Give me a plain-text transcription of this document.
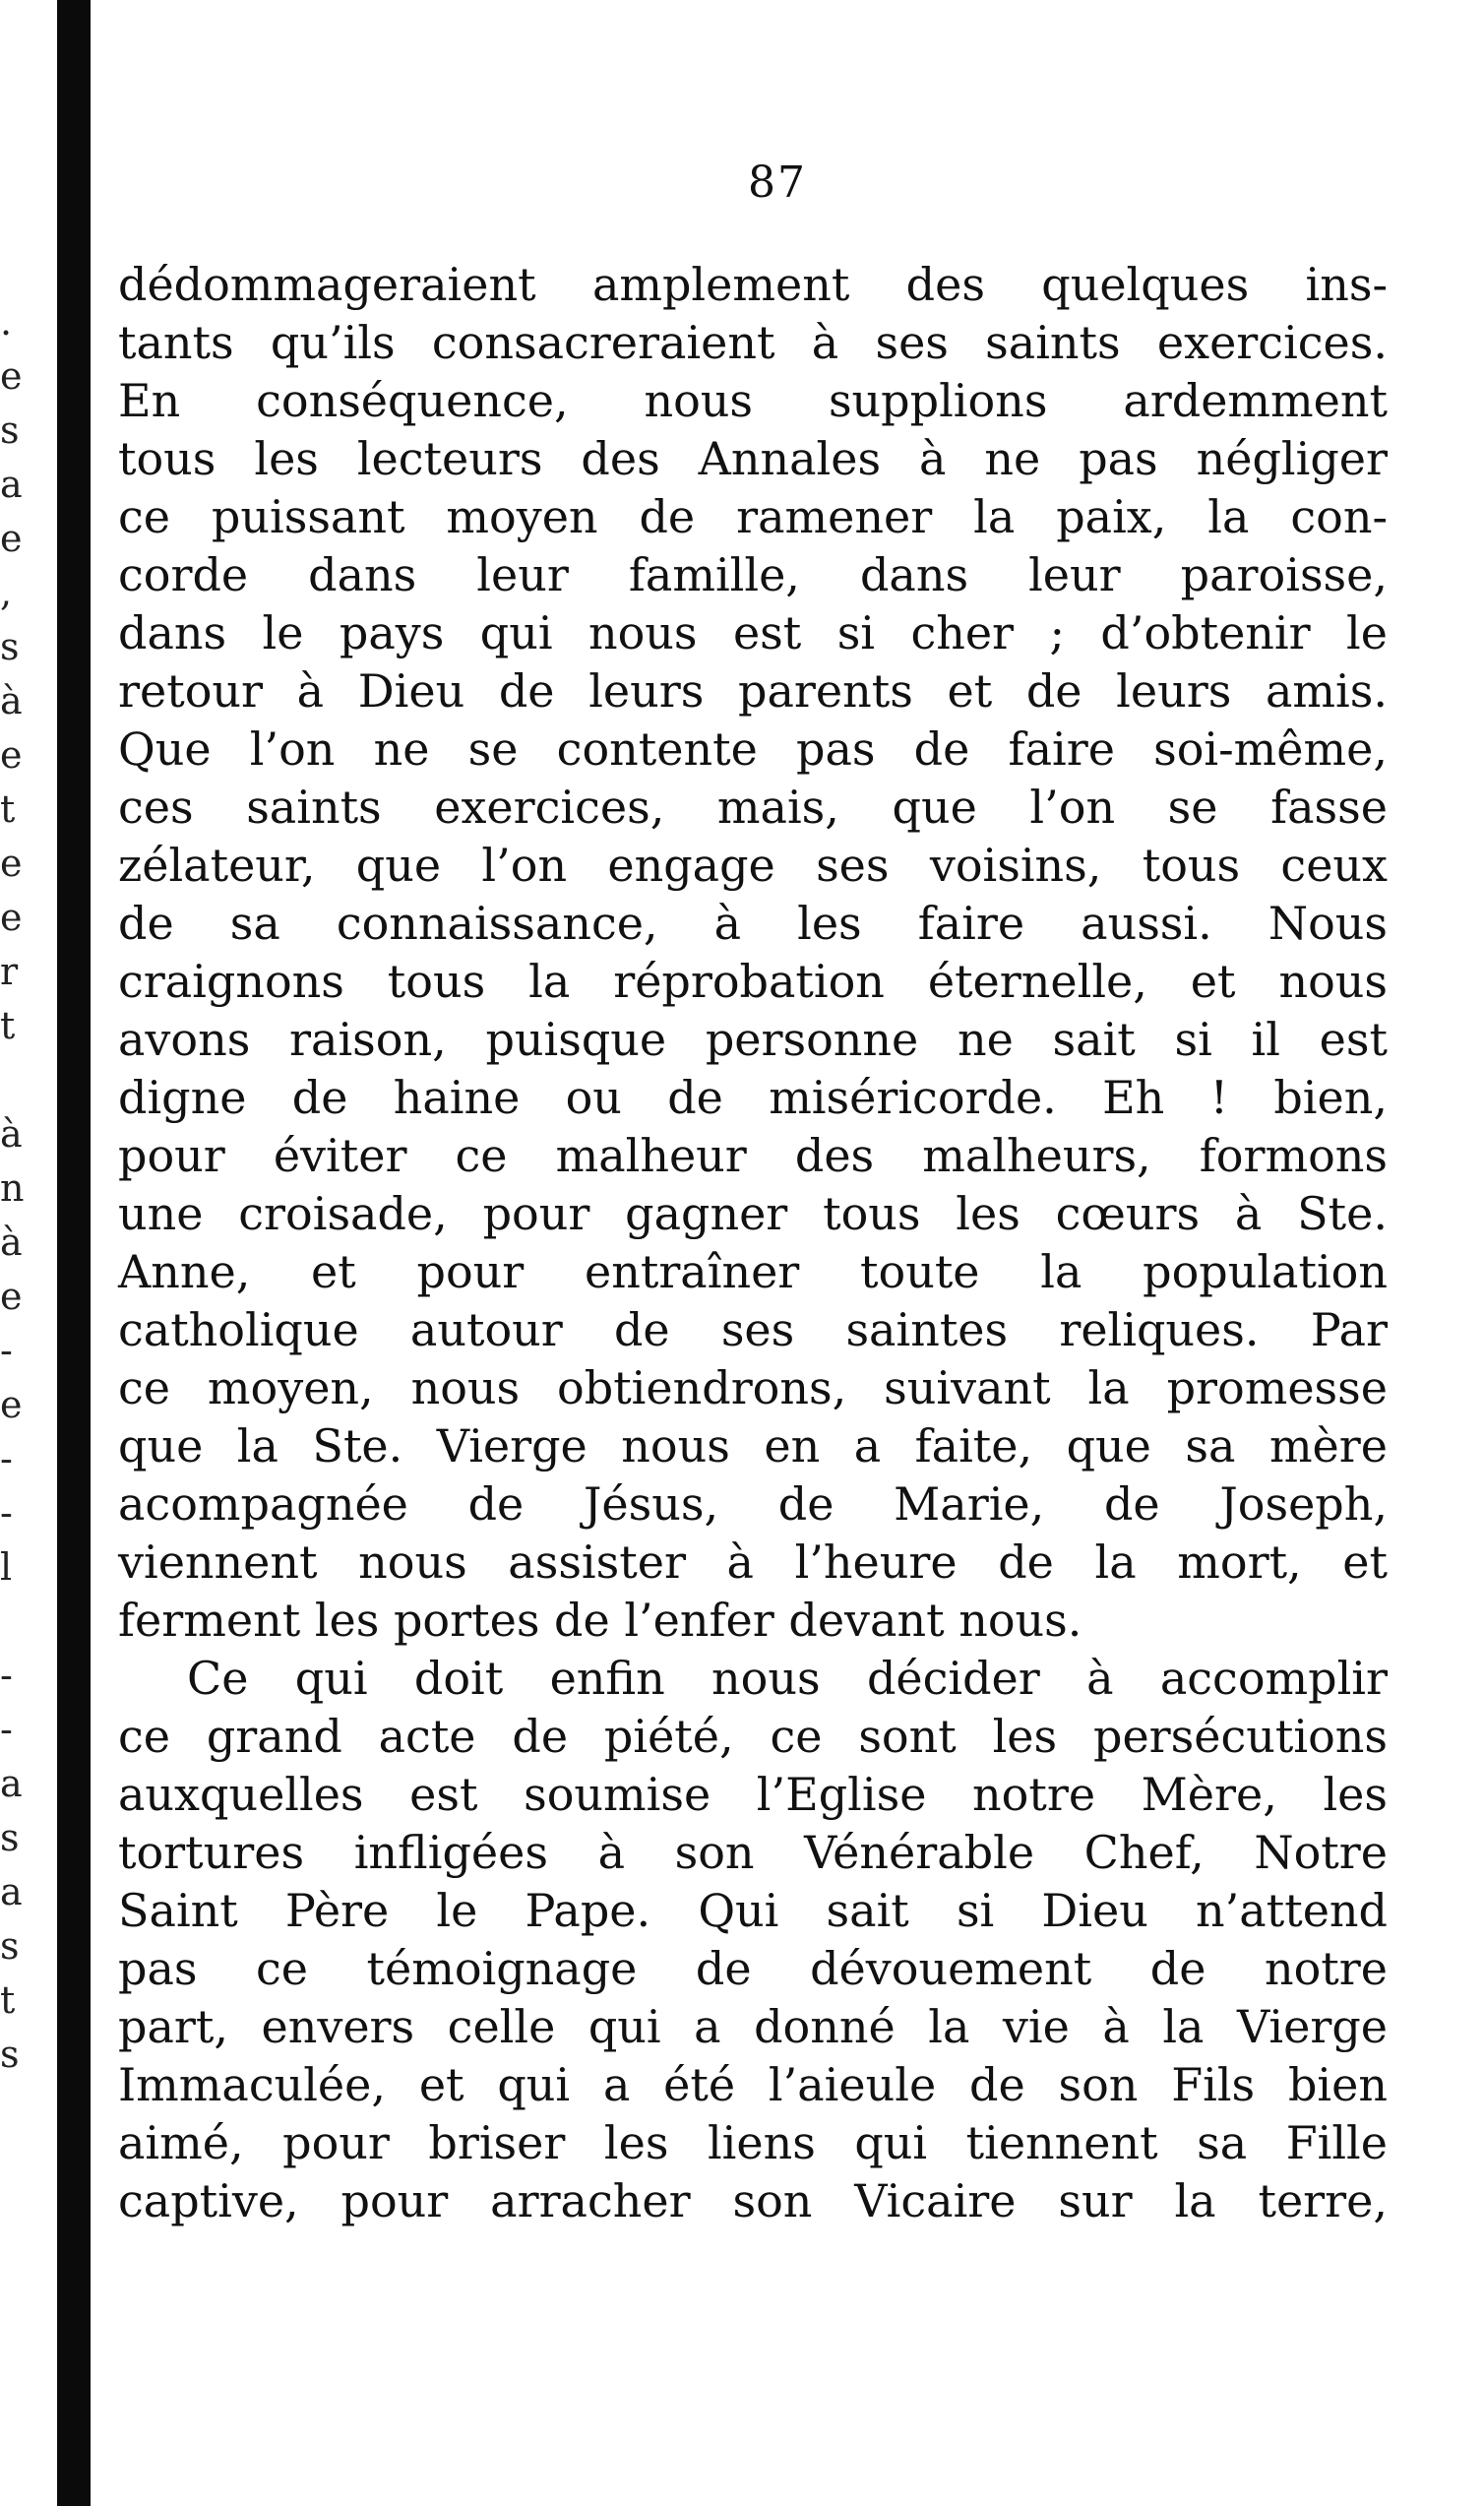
.
e
s
a
e
,
s
à
e
t
e
e
r
t
à
n
à
e
-
e
-
-
l
-
-
a
s
a
s
t
s
87
dédommageraient amplement des quelques ins-
tants qu’ils consacreraient à ses saints exercices.
En conséquence, nous supplions ardemment
tous les lecteurs des Annales à ne pas négliger
ce puissant moyen de ramener la paix, la con-
corde dans leur famille, dans leur paroisse,
dans le pays qui nous est si cher ; d’obtenir le
retour à Dieu de leurs parents et de leurs amis.
Que l’on ne se contente pas de faire soi-même,
ces saints exercices, mais, que l’on se fasse
zélateur, que l’on engage ses voisins, tous ceux
de sa connaissance, à les faire aussi. Nous
craignons tous la réprobation éternelle, et nous
avons raison, puisque personne ne sait si il est
digne de haine ou de miséricorde. Eh ! bien,
pour éviter ce malheur des malheurs, formons
une croisade, pour gagner tous les cœurs à Ste.
Anne, et pour entraîner toute la population
catholique autour de ses saintes reliques. Par
ce moyen, nous obtiendrons, suivant la promesse
que la Ste. Vierge nous en a faite, que sa mère
acompagnée de Jésus, de Marie, de Joseph,
viennent nous assister à l’heure de la mort, et
ferment les portes de l’enfer devant nous.
Ce qui doit enfin nous décider à accomplir
ce grand acte de piété, ce sont les persécutions
auxquelles est soumise l’Eglise notre Mère, les
tortures infligées à son Vénérable Chef, Notre
Saint Père le Pape. Qui sait si Dieu n’attend
pas ce témoignage de dévouement de notre
part, envers celle qui a donné la vie à la Vierge
Immaculée, et qui a été l’aieule de son Fils bien
aimé, pour briser les liens qui tiennent sa Fille
captive, pour arracher son Vicaire sur la terre,
